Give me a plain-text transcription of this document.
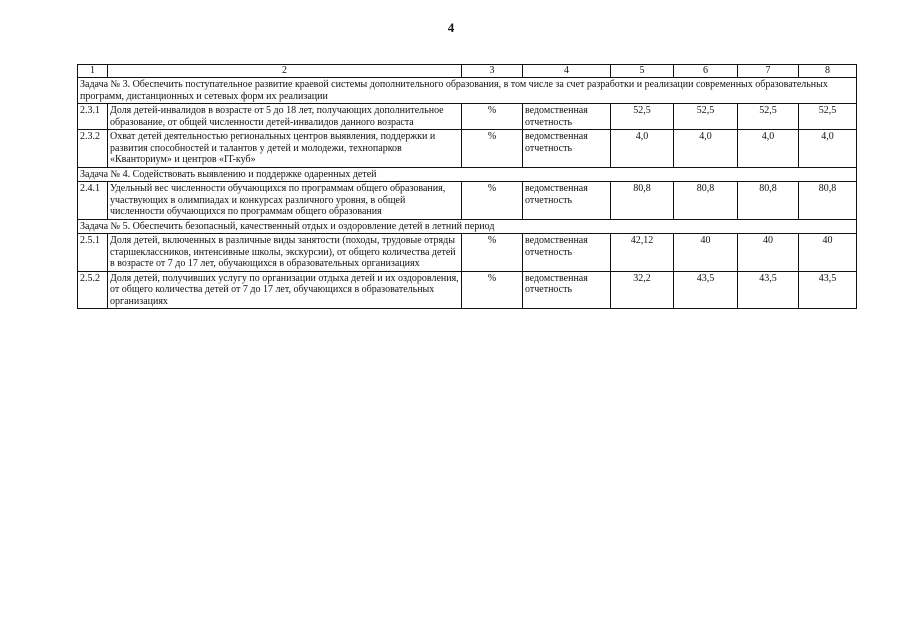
4
1	2	3	4	5	6	7	8
Задача № 3. Обеспечить поступательное развитие краевой системы дополнительного образования, в том числе за счет разработки и реализации современных образовательных программ, дистанционных и сетевых форм их реализации							
2.3.1	Доля детей-инвалидов в возрасте от 5 до 18 лет, получающих дополнительное образование, от общей численности детей-инвалидов данного возраста	%	ведомственная отчетность	52,5	52,5	52,5	52,5
2.3.2	Охват детей деятельностью региональных центров выявления, поддержки и развития способностей и талантов у детей и молодежи, технопарков «Кванториум» и центров «IT-куб»	%	ведомственная отчетность	4,0	4,0	4,0	4,0
Задача № 4. Содействовать выявлению и поддержке одаренных детей							
2.4.1	Удельный вес численности обучающихся по программам общего образования, участвующих в олимпиадах и конкурсах различного уровня, в общей численности обучающихся по программам общего образования	%	ведомственная отчетность	80,8	80,8	80,8	80,8
Задача № 5. Обеспечить безопасный, качественный отдых и оздоровление детей в летний период							
2.5.1	Доля детей, включенных в различные виды занятости (походы, трудовые отряды старшеклассников, интенсивные школы, экскурсии), от общего количества детей в возрасте от 7 до 17 лет, обучающихся в образовательных организациях	%	ведомственная отчетность	42,12	40	40	40
2.5.2	Доля детей, получивших услугу по организации отдыха детей и их оздоровления, от общего количества детей от 7 до 17 лет, обучающихся в образовательных организациях	%	ведомственная отчетность	32,2	43,5	43,5	43,5
